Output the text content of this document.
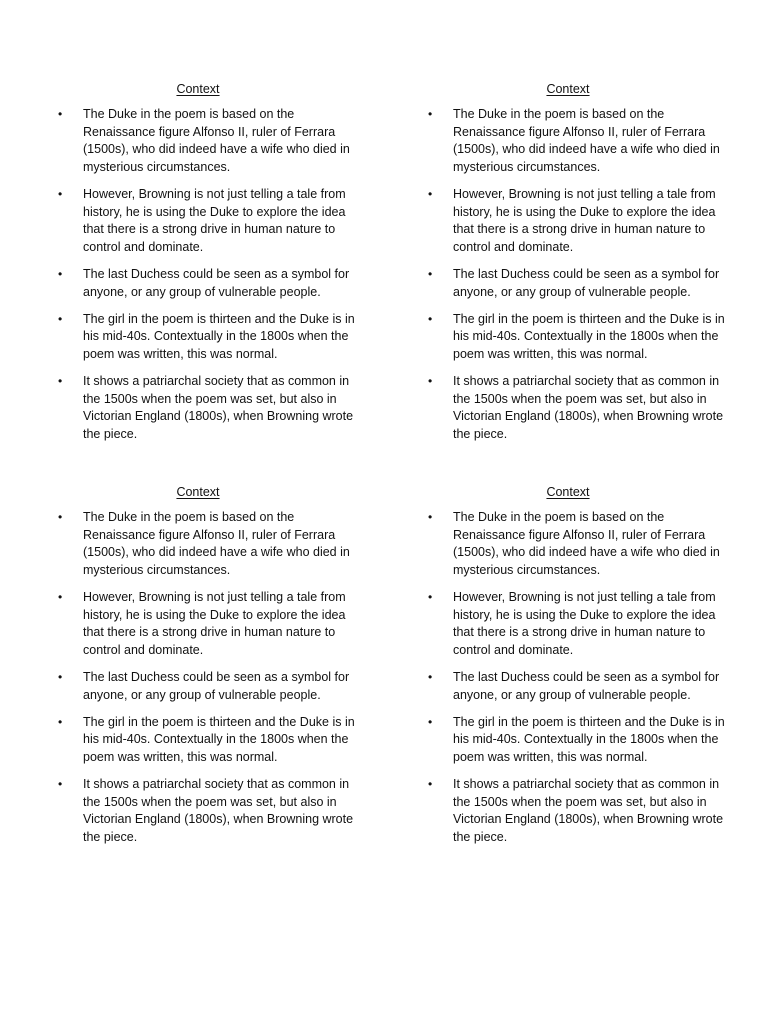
Context
• The Duke in the poem is based on the Renaissance figure Alfonso II, ruler of Ferrara (1500s), who did indeed have a wife who died in mysterious circumstances.
• However, Browning is not just telling a tale from history, he is using the Duke to explore the idea that there is a strong drive in human nature to control and dominate.
• The last Duchess could be seen as a symbol for anyone, or any group of vulnerable people.
• The girl in the poem is thirteen and the Duke is in his mid-40s. Contextually in the 1800s when the poem was written, this was normal.
• It shows a patriarchal society that as common in the 1500s when the poem was set, but also in Victorian England (1800s), when Browning wrote the piece.
Context
• The Duke in the poem is based on the Renaissance figure Alfonso II, ruler of Ferrara (1500s), who did indeed have a wife who died in mysterious circumstances.
• However, Browning is not just telling a tale from history, he is using the Duke to explore the idea that there is a strong drive in human nature to control and dominate.
• The last Duchess could be seen as a symbol for anyone, or any group of vulnerable people.
• The girl in the poem is thirteen and the Duke is in his mid-40s. Contextually in the 1800s when the poem was written, this was normal.
• It shows a patriarchal society that as common in the 1500s when the poem was set, but also in Victorian England (1800s), when Browning wrote the piece.
Context
• The Duke in the poem is based on the Renaissance figure Alfonso II, ruler of Ferrara (1500s), who did indeed have a wife who died in mysterious circumstances.
• However, Browning is not just telling a tale from history, he is using the Duke to explore the idea that there is a strong drive in human nature to control and dominate.
• The last Duchess could be seen as a symbol for anyone, or any group of vulnerable people.
• The girl in the poem is thirteen and the Duke is in his mid-40s. Contextually in the 1800s when the poem was written, this was normal.
• It shows a patriarchal society that as common in the 1500s when the poem was set, but also in Victorian England (1800s), when Browning wrote the piece.
Context
• The Duke in the poem is based on the Renaissance figure Alfonso II, ruler of Ferrara (1500s), who did indeed have a wife who died in mysterious circumstances.
• However, Browning is not just telling a tale from history, he is using the Duke to explore the idea that there is a strong drive in human nature to control and dominate.
• The last Duchess could be seen as a symbol for anyone, or any group of vulnerable people.
• The girl in the poem is thirteen and the Duke is in his mid-40s. Contextually in the 1800s when the poem was written, this was normal.
• It shows a patriarchal society that as common in the 1500s when the poem was set, but also in Victorian England (1800s), when Browning wrote the piece.
